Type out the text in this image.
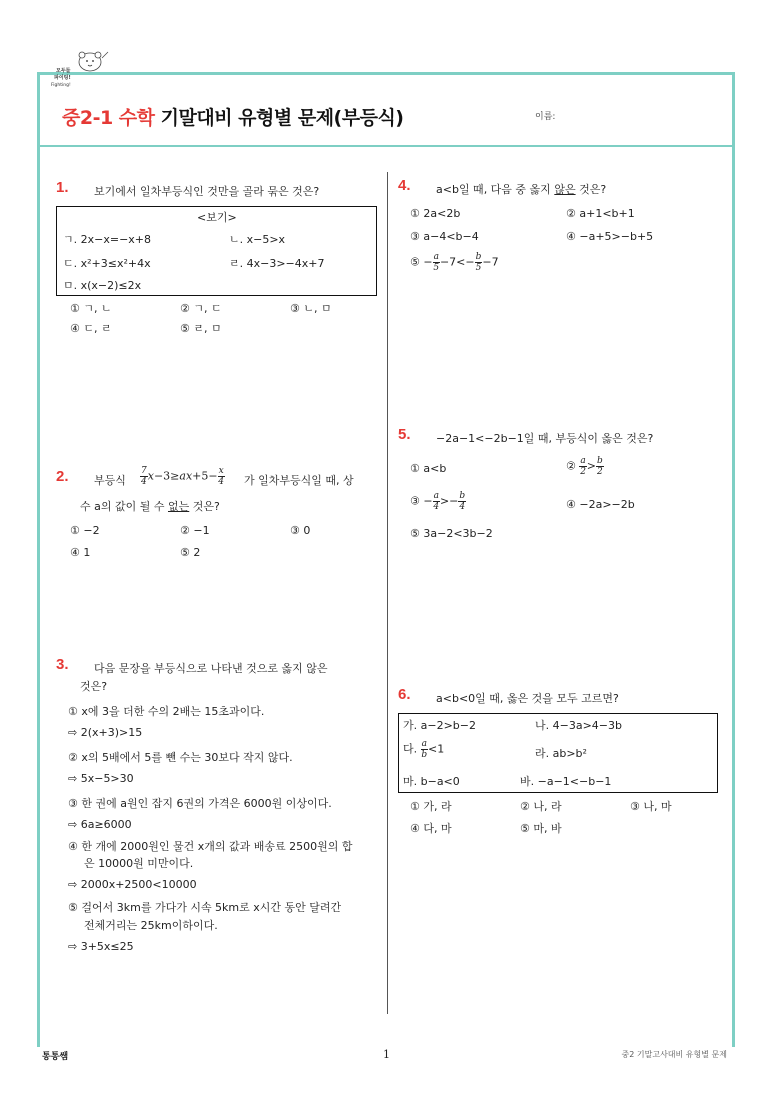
모두들
파이팅!
Fighting!
중2-1 수학 기말대비 유형별 문제(부등식)	이름:
1. 보기에서 일차부등식인 것만을 골라 묶은 것은?
<보기>
ㄱ. 2x−x=−x+8	ㄴ. x−5>x
ㄷ. x²+3≤x²+4x	ㄹ. 4x−3>−4x+7
ㅁ. x(x−2)≤2x
① ㄱ, ㄴ	② ㄱ, ㄷ	③ ㄴ, ㅁ
④ ㄷ, ㄹ	⑤ ㄹ, ㅁ
2. 부등식 $\frac{7}{4} x-3\ge ax+5- \frac{x}{4}$ 가 일차부등식일 때, 상
수 a의 값이 될 수 없는 것은?
① −2	② −1	③ 0
④ 1	⑤ 2
3. 다음 문장을 부등식으로 나타낸 것으로 옳지 않은
것은?
① x에 3을 더한 수의 2배는 15초과이다.
⇨ 2(x+3)>15
② x의 5배에서 5를 뺀 수는 30보다 작지 않다.
⇨ 5x−5>30
③ 한 권에 a원인 잡지 6권의 가격은 6000원 이상이다.
⇨ 6a≥6000
④ 한 개에 2000원인 물건 x개의 값과 배송료 2500원의 합
은 10000원 미만이다.
⇨ 2000x+2500<10000
⑤ 걸어서 3km를 가다가 시속 5km로 x시간 동안 달려간
전체거리는 25km이하이다.
⇨ 3+5x≤25
4. a<b일 때, 다음 중 옳지 않은 것은?
① 2a<2b	② a+1<b+1
③ a−4<b−4	④ −a+5>−b+5
⑤ − $\frac{a}{5} -7<- \frac{b}{5} -7$
5. −2a−1<−2b−1일 때, 부등식이 옳은 것은?
① a<b	② $\frac{a}{2} > \frac{b}{2}$
③ − $\frac{a}{4} >- \frac{b}{4}$	④ −2a>−2b
⑤ 3a−2<3b−2
6. a<b<0일 때, 옳은 것을 모두 고르면?
가. a−2>b−2	나. 4−3a>4−3b
다. $\frac{a}{b} <1$	라. ab>b²
마. b−a<0	바. −a−1<−b−1
① 가, 라	② 나, 라	③ 나, 마
④ 다, 마	⑤ 마, 바
통통쌤	1	중2 기말고사대비 유형별 문제
